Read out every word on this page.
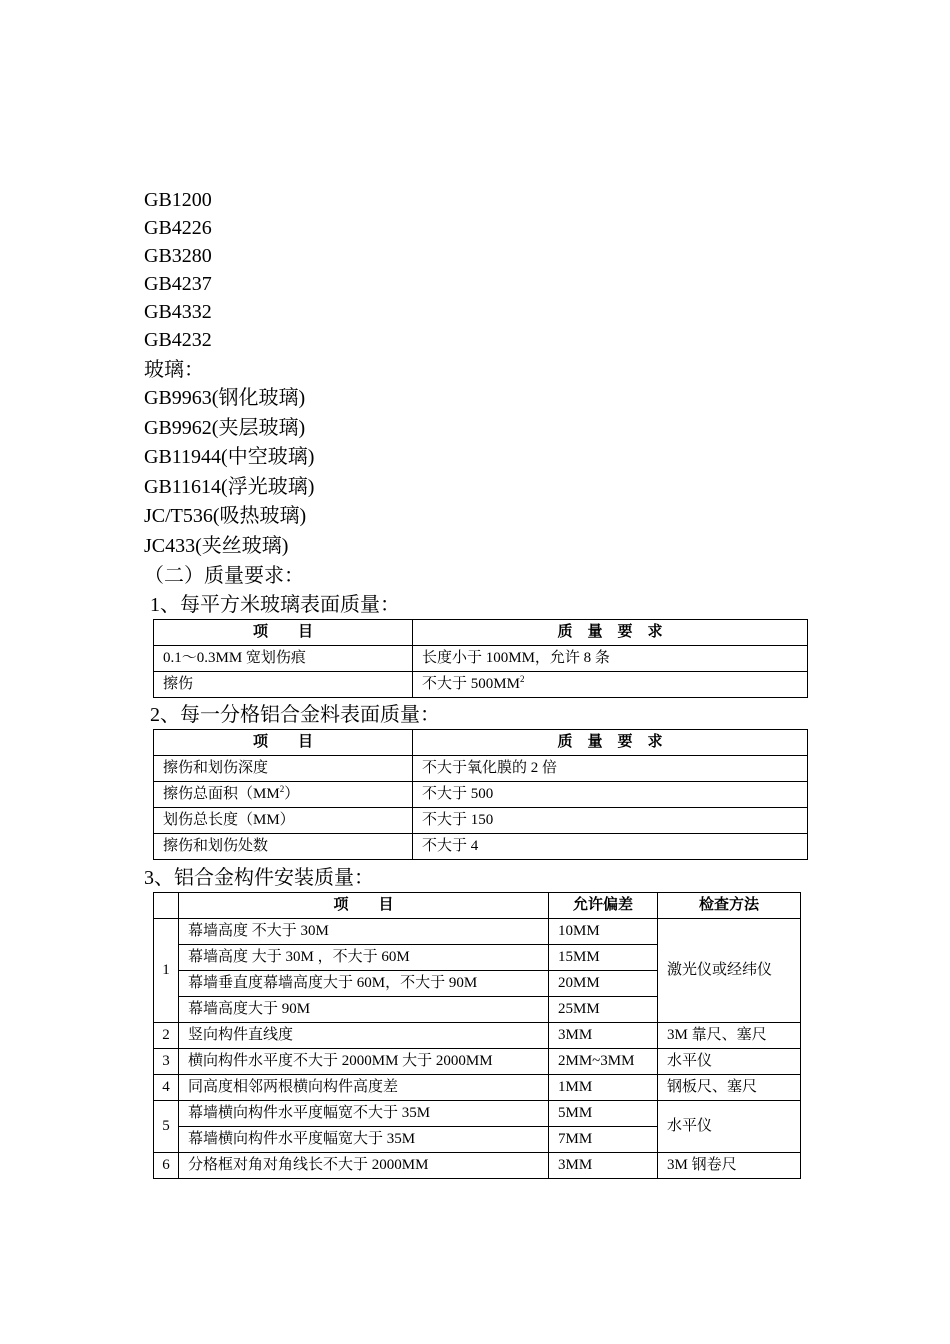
GB1200
GB4226
GB3280
GB4237
GB4332
GB4232
玻璃：
GB9963(钢化玻璃)
GB9962(夹层玻璃)
GB11944(中空玻璃)
GB11614(浮光玻璃)
JC/T536(吸热玻璃)
JC433(夹丝玻璃)
（二）质量要求：
1、每平方米玻璃表面质量：
项　　目	质　量　要　求
0.1～0.3MM 宽划伤痕	长度小于 100MM，允许 8 条
擦伤	不大于 $500MM^2$
2、每一分格铝合金料表面质量：
项　　目	质　量　要　求
擦伤和划伤深度	不大于氧化膜的 2 倍
擦伤总面积$(MM^2)$	不大于 500
划伤总长度（MM）	不大于 150
擦伤和划伤处数	不大于 4
3、铝合金构件安装质量：
	项　　目	允许偏差	检查方法
1	幕墙高度 不大于 30M	10MM	激光仪或经纬仪
	幕墙高度 大于 30M ，不大于 60M	15MM	
	幕墙垂直度幕墙高度大于 60M，不大于 90M	20MM	
	幕墙高度大于 90M	25MM	
2	竖向构件直线度	3MM	3M 靠尺、塞尺
3	横向构件水平度不大于 2000MM 大于 2000MM	2MM~3MM	水平仪
4	同高度相邻两根横向构件高度差	1MM	钢板尺、塞尺
5	幕墙横向构件水平度幅宽不大于 35M	5MM	水平仪
	幕墙横向构件水平度幅宽大于 35M	7MM	
6	分格框对角对角线长不大于 2000MM	3MM	3M 钢卷尺
